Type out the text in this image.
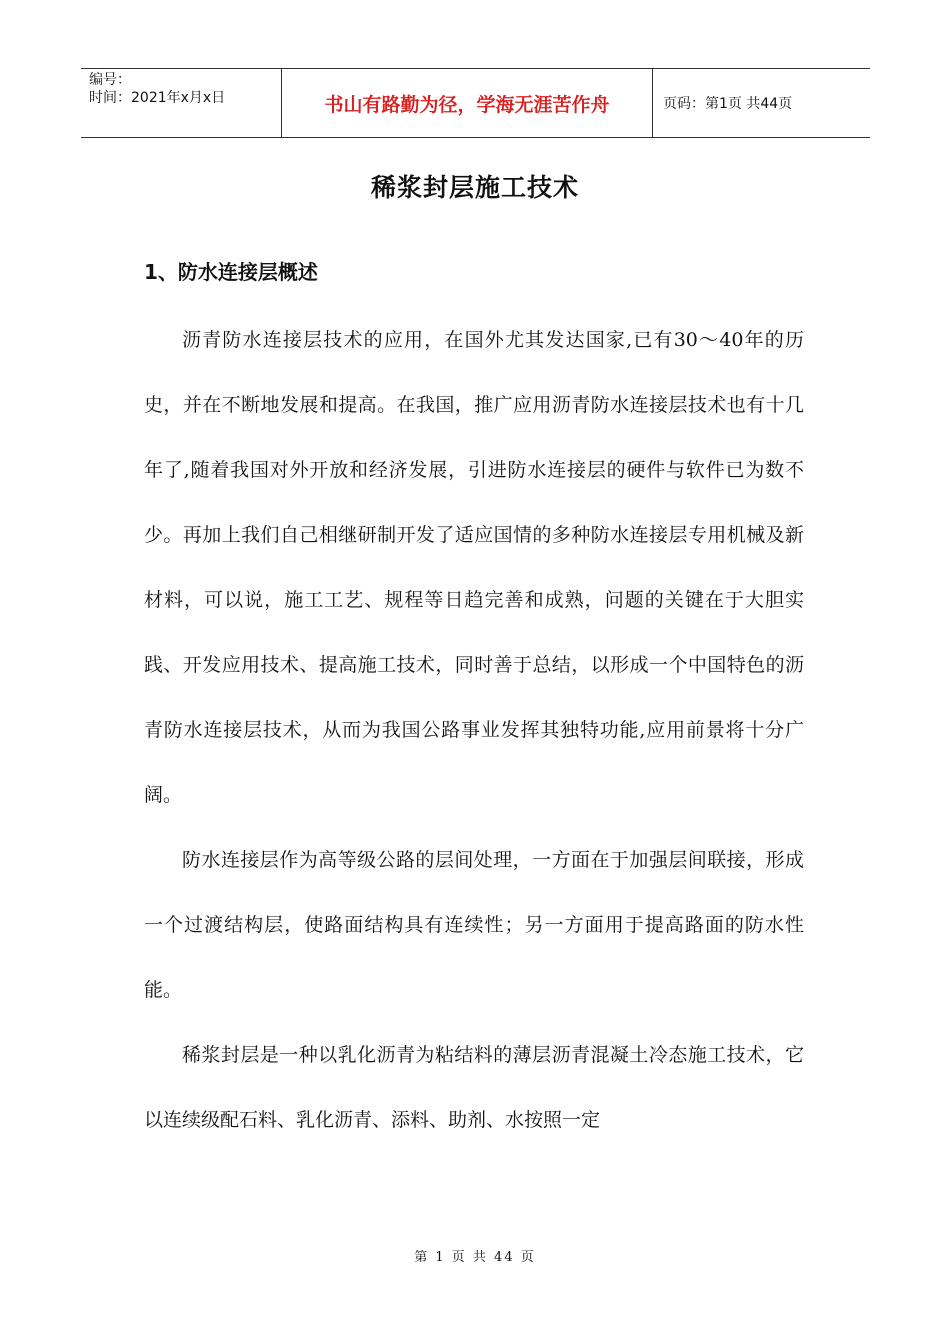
编号：
时间：2021年x月x日	书山有路勤为径，学海无涯苦作舟	页码：第1页 共44页
稀浆封层施工技术
1、防水连接层概述

沥青防水连接层技术的应用，在国外尤其发达国家,已有30～40年的历史，并在不断地发展和提高。在我国，推广应用沥青防水连接层技术也有十几年了,随着我国对外开放和经济发展，引进防水连接层的硬件与软件已为数不少。再加上我们自己相继研制开发了适应国情的多种防水连接层专用机械及新材料，可以说，施工工艺、规程等日趋完善和成熟，问题的关键在于大胆实践、开发应用技术、提高施工技术，同时善于总结，以形成一个中国特色的沥青防水连接层技术，从而为我国公路事业发挥其独特功能,应用前景将十分广阔。

防水连接层作为高等级公路的层间处理，一方面在于加强层间联接，形成一个过渡结构层，使路面结构具有连续性；另一方面用于提高路面的防水性能。

稀浆封层是一种以乳化沥青为粘结料的薄层沥青混凝土冷态施工技术，它以连续级配石料、乳化沥青、添料、助剂、水按照一定

第 1 页 共 44 页
